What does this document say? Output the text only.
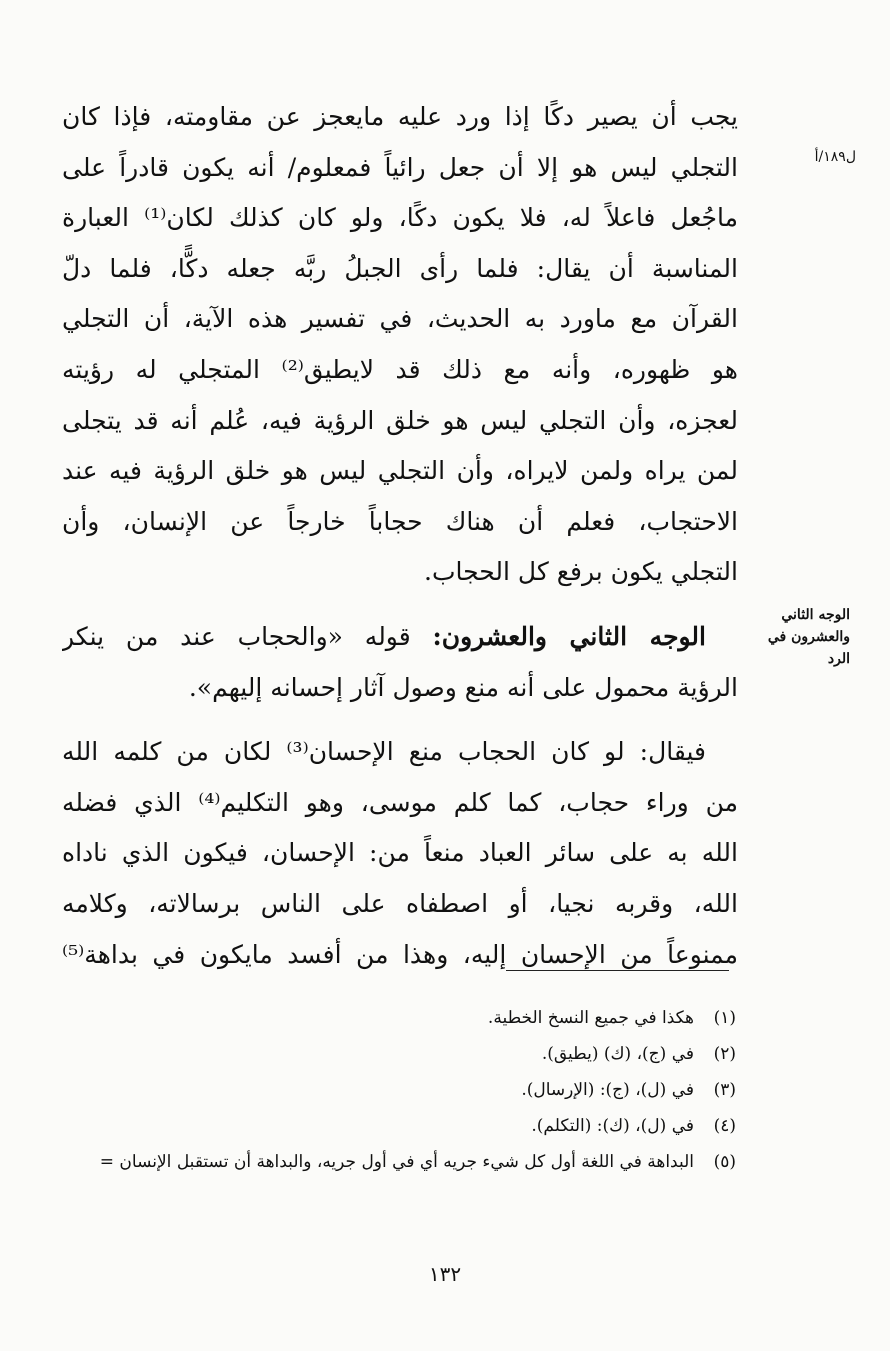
ل١٨٩/أ
الوجه الثاني والعشرون في الرد
يجب أن يصير دكًا إذا ورد عليه مايعجز عن مقاومته، فإذا كان
التجلي ليس هو إلا أن جعل رائياً فمعلوم/ أنه يكون قادراً على
ماجُعل فاعلاً له، فلا يكون دكًا، ولو كان كذلك لكان⁽¹⁾ العبارة
المناسبة أن يقال: فلما رأى الجبلُ ربَّه جعله دكًّا، فلما دلّ
القرآن مع ماورد به الحديث، في تفسير هذه الآية، أن التجلي
هو ظهوره، وأنه مع ذلك قد لايطيق⁽²⁾ المتجلي له رؤيته
لعجزه، وأن التجلي ليس هو خلق الرؤية فيه، عُلم أنه قد يتجلى
لمن يراه ولمن لايراه، وأن التجلي ليس هو خلق الرؤية فيه عند
الاحتجاب، فعلم أن هناك حجاباً خارجاً عن الإنسان، وأن
التجلي يكون برفع كل الحجاب.
الوجه الثاني والعشرون: قوله «والحجاب عند من ينكر
الرؤية محمول على أنه منع وصول آثار إحسانه إليهم».
فيقال: لو كان الحجاب منع الإحسان⁽³⁾ لكان من كلمه الله
من وراء حجاب، كما كلم موسى، وهو التكليم⁽⁴⁾ الذي فضله
الله به على سائر العباد منعاً من: الإحسان، فيكون الذي ناداه
الله، وقربه نجيا، أو اصطفاه على الناس برسالاته، وكلامه
ممنوعاً من الإحسان إليه، وهذا من أفسد مايكون في بداهة⁽⁵⁾
(١)
هكذا في جميع النسخ الخطية.
(٢)
في (ج)، (ك) (يطيق).
(٣)
في (ل)، (ج): (الإرسال).
(٤)
في (ل)، (ك): (التكلم).
(٥)
البداهة في اللغة أول كل شيء جريه أي في أول جريه، والبداهة أن تستقبل الإنسان =
١٣٢
